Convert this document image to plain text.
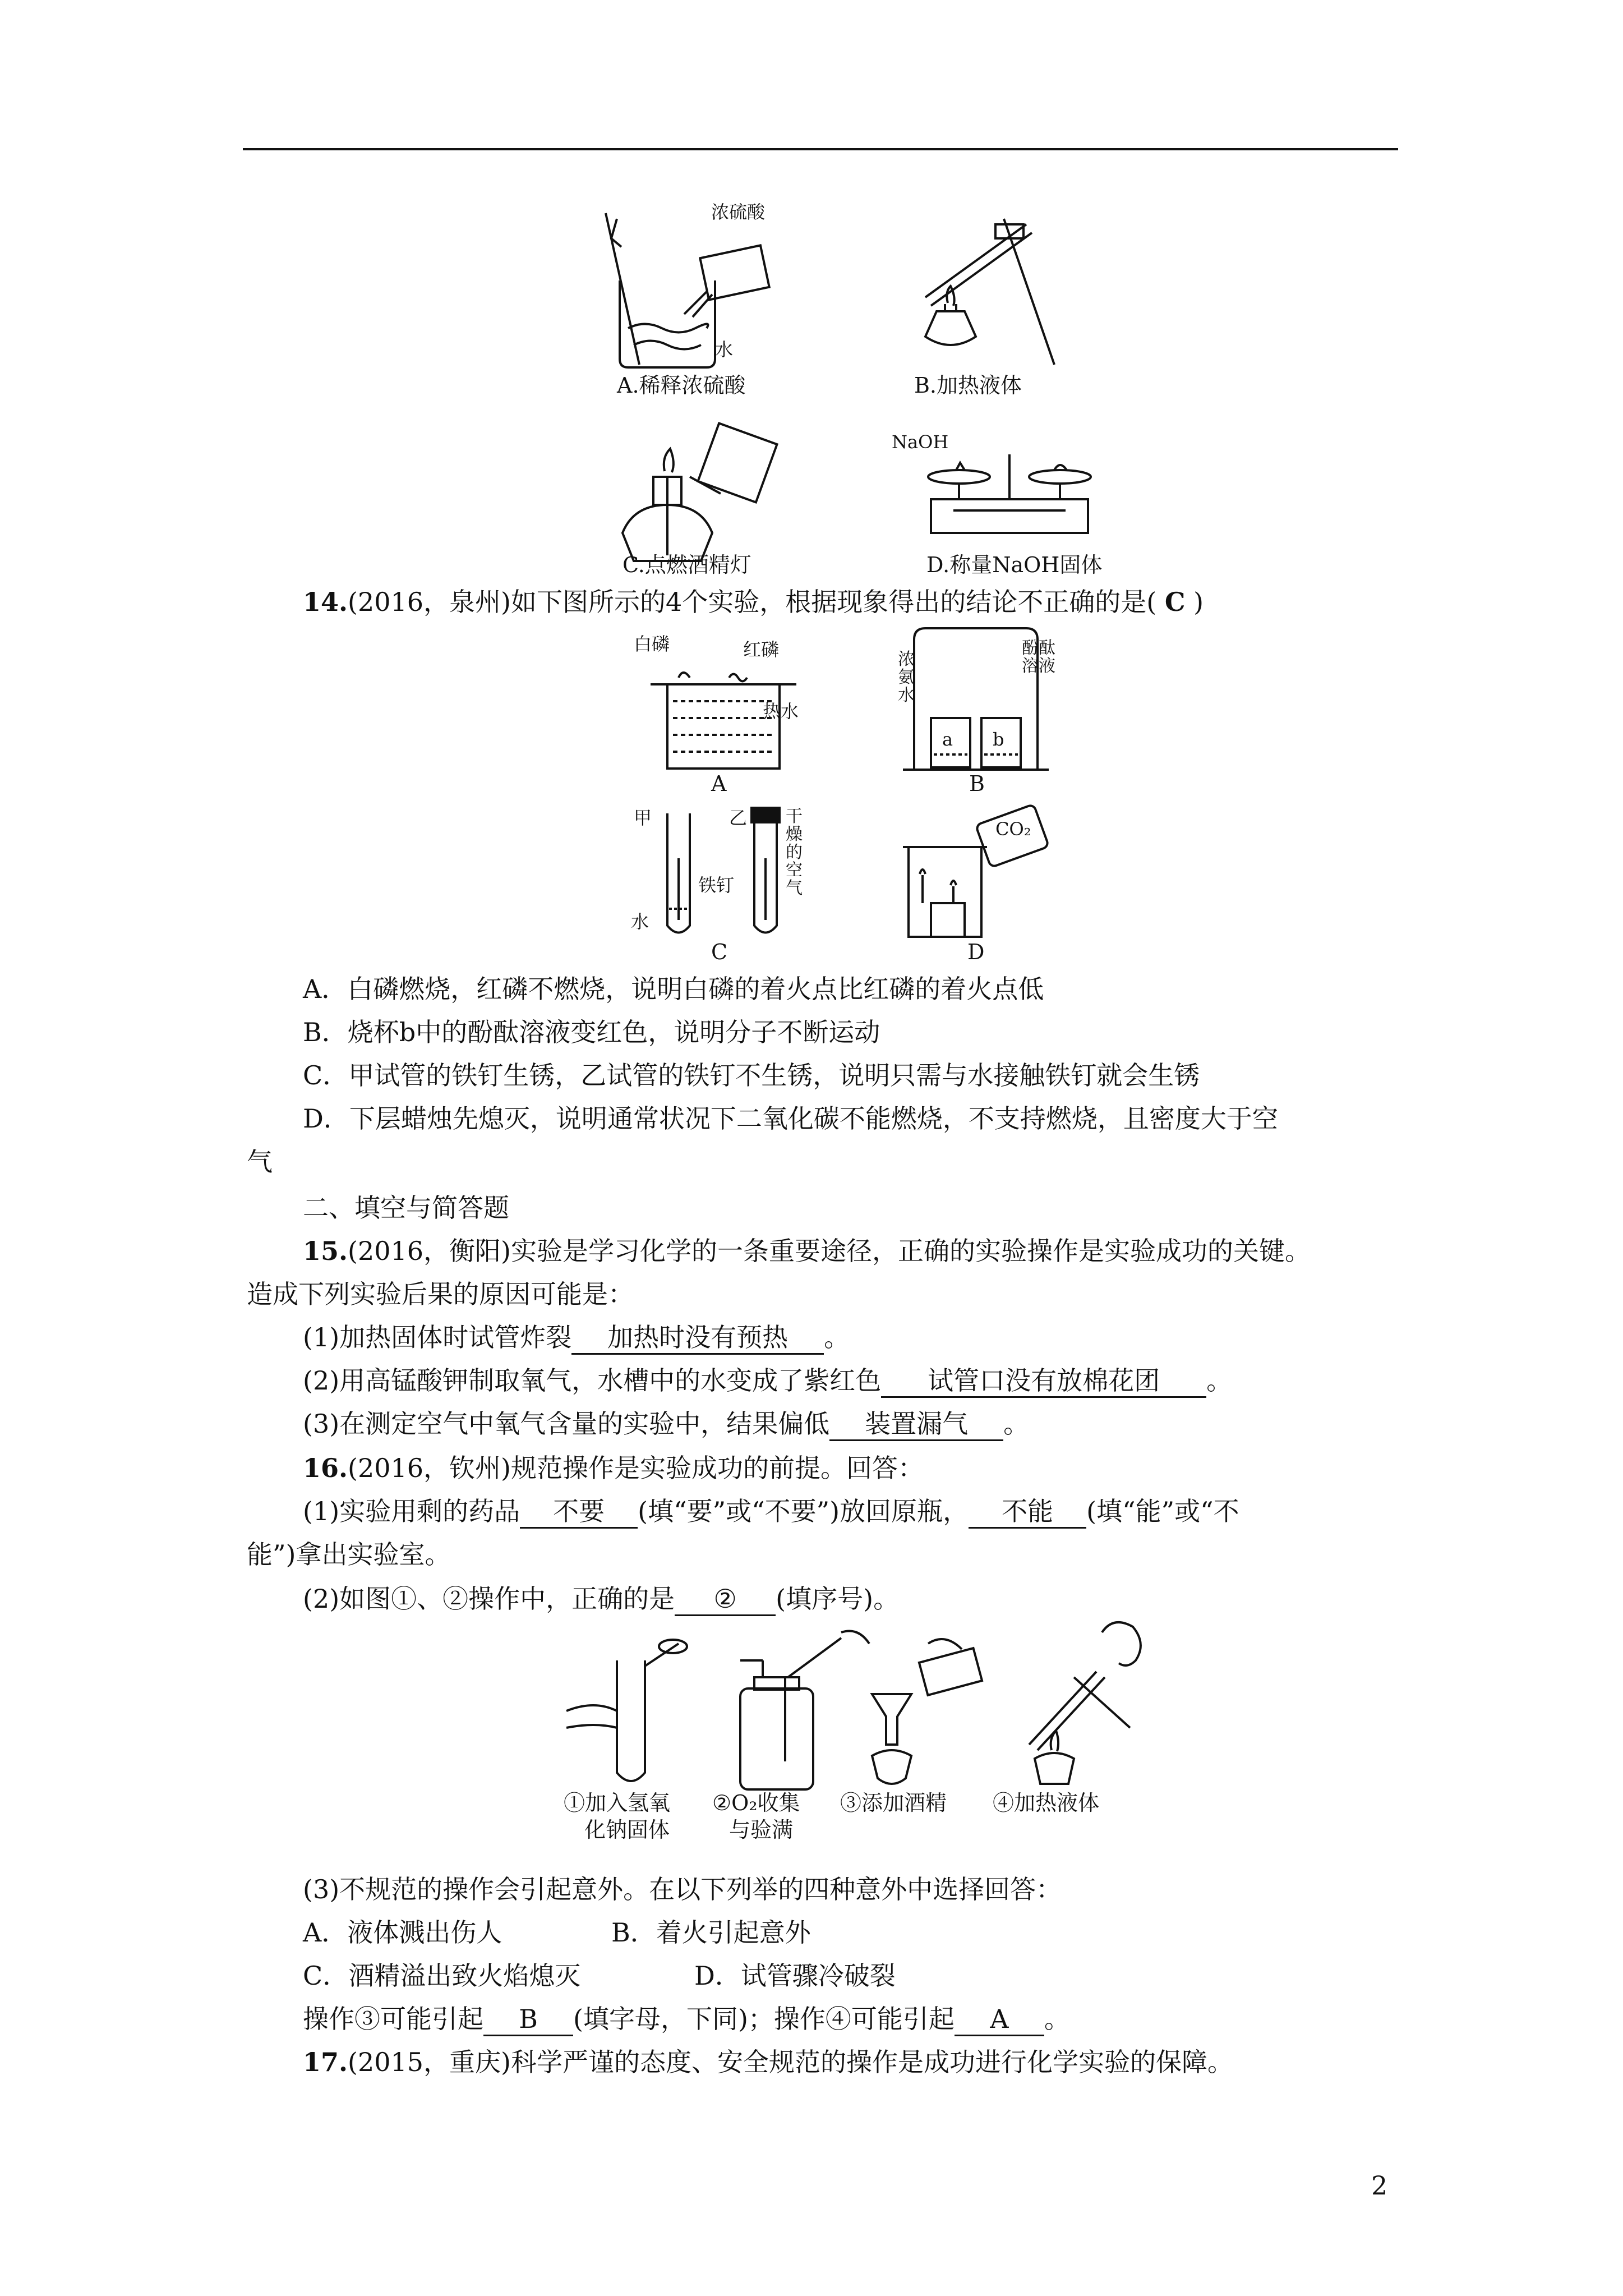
浓硫酸
水
A.稀释浓硫酸	B.加热液体
C.点燃酒精灯
NaOH
D.称量NaOH固体
14.(2016，泉州)如下图所示的4个实验，根据现象得出的结论不正确的是( C )
白磷	红磷
热水
A
浓氨水
酚酞溶液
a b
B
甲	乙
铁钉
水
干燥的空气
C
CO₂
D
A．白磷燃烧，红磷不燃烧，说明白磷的着火点比红磷的着火点低
B．烧杯b中的酚酞溶液变红色，说明分子不断运动
C．甲试管的铁钉生锈，乙试管的铁钉不生锈，说明只需与水接触铁钉就会生锈
D．下层蜡烛先熄灭，说明通常状况下二氧化碳不能燃烧，不支持燃烧，且密度大于空
气
二、填空与简答题
15.(2016，衡阳)实验是学习化学的一条重要途径，正确的实验操作是实验成功的关键。
造成下列实验后果的原因可能是：
(1)加热固体时试管炸裂 加热时没有预热 。
(2)用高锰酸钾制取氧气，水槽中的水变成了紫红色 试管口没有放棉花团 。
(3)在测定空气中氧气含量的实验中，结果偏低 装置漏气 。
16.(2016，钦州)规范操作是实验成功的前提。回答：
(1)实验用剩的药品 不要 (填“要”或“不要”)放回原瓶， 不能 (填“能”或“不
能”)拿出实验室。
(2)如图①、②操作中，正确的是 ② (填序号)。
①加入氢氧
化钠固体
②O₂收集
与验满
③添加酒精 ④加热液体
(3)不规范的操作会引起意外。在以下列举的四种意外中选择回答：
A．液体溅出伤人	B．着火引起意外
C．酒精溢出致火焰熄灭	D．试管骤冷破裂
操作③可能引起 B (填字母，下同)；操作④可能引起 A 。
17.(2015，重庆)科学严谨的态度、安全规范的操作是成功进行化学实验的保障。
2
